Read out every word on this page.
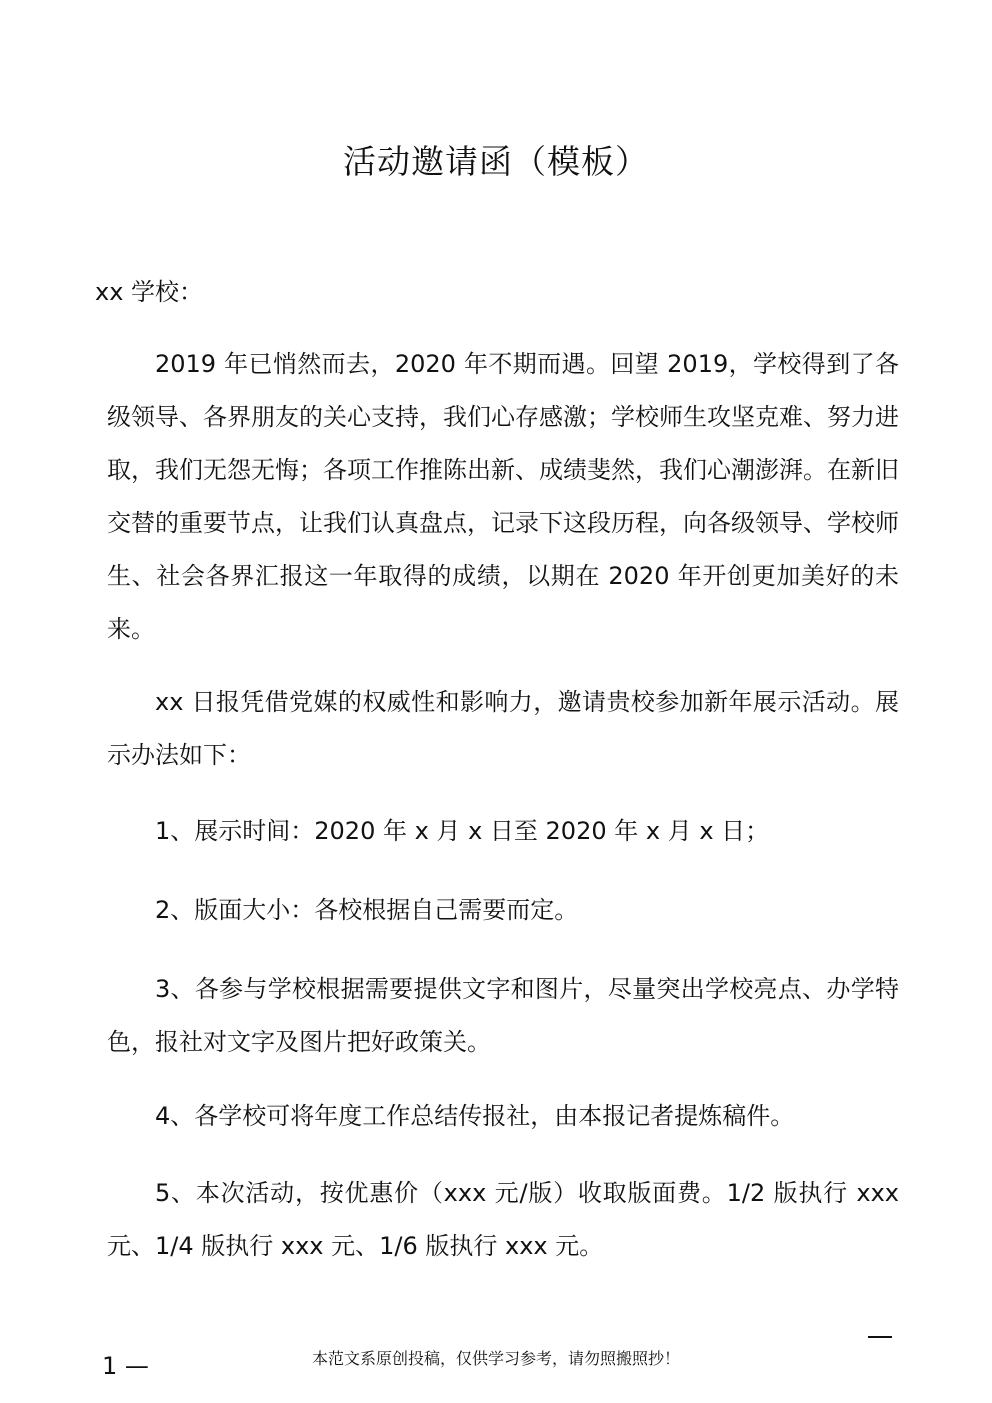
活动邀请函（模板）
xx 学校：
2019 年已悄然而去，2020 年不期而遇。回望 2019，学校得到了各级领导、各界朋友的关心支持，我们心存感激；学校师生攻坚克难、努力进取，我们无怨无悔；各项工作推陈出新、成绩斐然，我们心潮澎湃。在新旧交替的重要节点，让我们认真盘点，记录下这段历程，向各级领导、学校师生、社会各界汇报这一年取得的成绩，以期在 2020 年开创更加美好的未来。
xx 日报凭借党媒的权威性和影响力，邀请贵校参加新年展示活动。展示办法如下：
1、展示时间：2020 年 x 月 x 日至 2020 年 x 月 x 日；
2、版面大小：各校根据自己需要而定。
3、各参与学校根据需要提供文字和图片，尽量突出学校亮点、办学特色，报社对文字及图片把好政策关。
4、各学校可将年度工作总结传报社，由本报记者提炼稿件。
5、本次活动，按优惠价（xxx 元/版）收取版面费。1/2 版执行 xxx 元、1/4 版执行 xxx 元、1/6 版执行 xxx 元。
1 —	本范文系原创投稿，仅供学习参考，请勿照搬照抄！
